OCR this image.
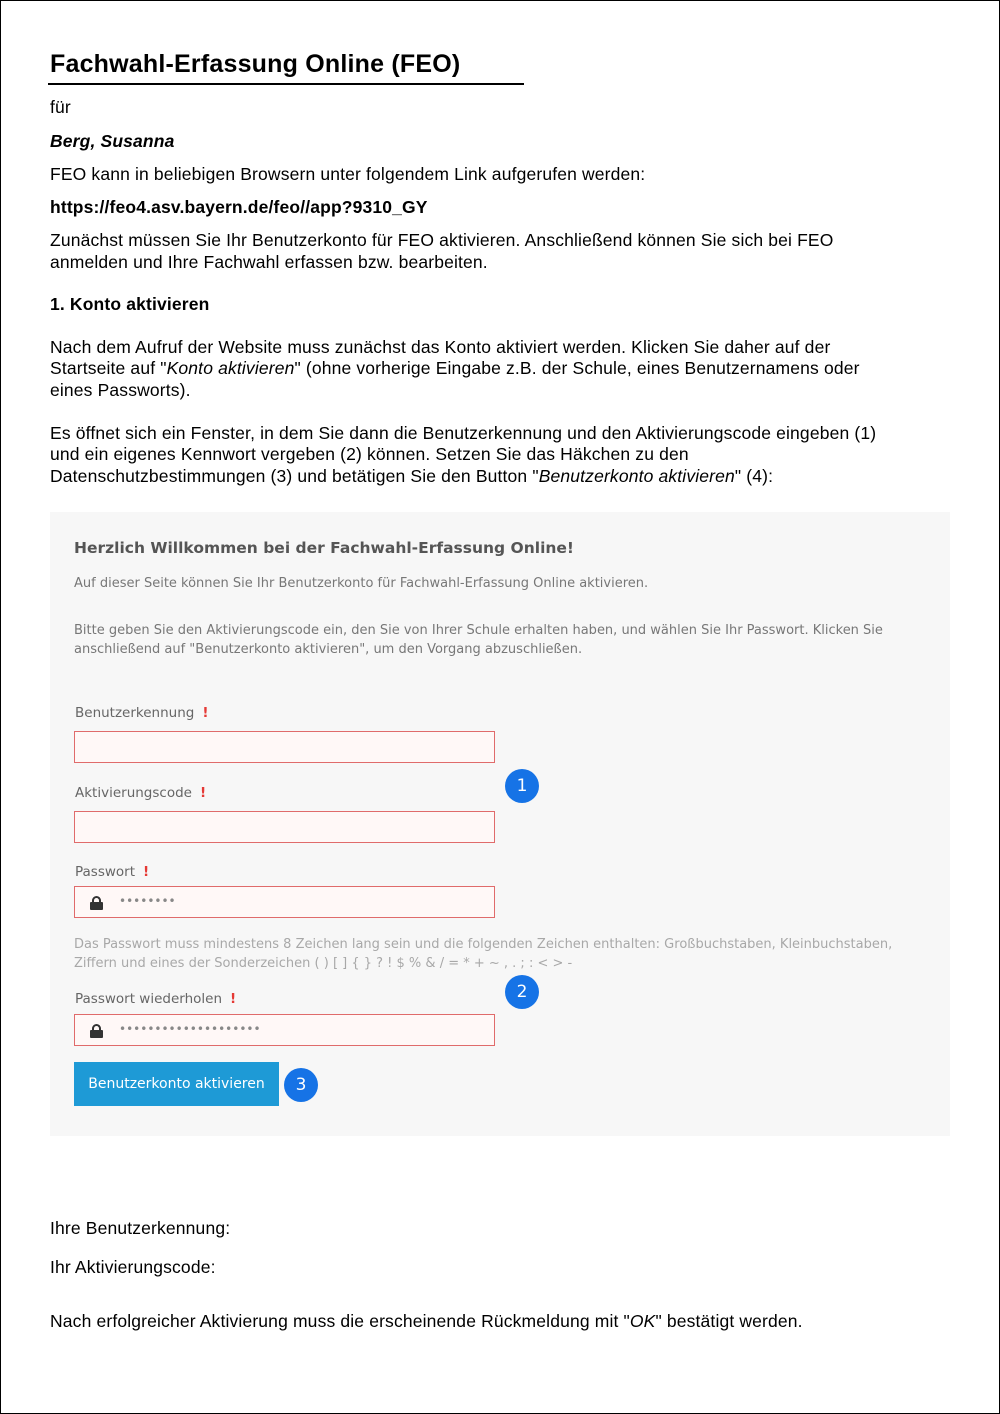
Fachwahl-Erfassung Online (FEO)
für
Berg, Susanna
FEO kann in beliebigen Browsern unter folgendem Link aufgerufen werden:
https://feo4.asv.bayern.de/feo//app?9310_GY
Zunächst müssen Sie Ihr Benutzerkonto für FEO aktivieren. Anschließend können Sie sich bei FEO
anmelden und Ihre Fachwahl erfassen bzw. bearbeiten.
1. Konto aktivieren
Nach dem Aufruf der Website muss zunächst das Konto aktiviert werden. Klicken Sie daher auf der
Startseite auf "Konto aktivieren" (ohne vorherige Eingabe z.B. der Schule, eines Benutzernamens oder
eines Passworts).
Es öffnet sich ein Fenster, in dem Sie dann die Benutzerkennung und den Aktivierungscode eingeben (1)
und ein eigenes Kennwort vergeben (2) können. Setzen Sie das Häkchen zu den
Datenschutzbestimmungen (3) und betätigen Sie den Button "Benutzerkonto aktivieren" (4):
Herzlich Willkommen bei der Fachwahl-Erfassung Online!
Auf dieser Seite können Sie Ihr Benutzerkonto für Fachwahl-Erfassung Online aktivieren.
Bitte geben Sie den Aktivierungscode ein, den Sie von Ihrer Schule erhalten haben, und wählen Sie Ihr Passwort. Klicken Sie
anschließend auf "Benutzerkonto aktivieren", um den Vorgang abzuschließen.
Benutzerkennung !
Aktivierungscode !	1
Passwort !
••••••••
Das Passwort muss mindestens 8 Zeichen lang sein und die folgenden Zeichen enthalten: Großbuchstaben, Kleinbuchstaben,
Ziffern und eines der Sonderzeichen ( ) [ ] { } ? ! $ % & / = * + ~ , . ; : < > -
2
Passwort wiederholen !
••••••••••••••••••••
Benutzerkonto aktivieren	3
Ihre Benutzerkennung:
Ihr Aktivierungscode:
Nach erfolgreicher Aktivierung muss die erscheinende Rückmeldung mit "OK" bestätigt werden.
